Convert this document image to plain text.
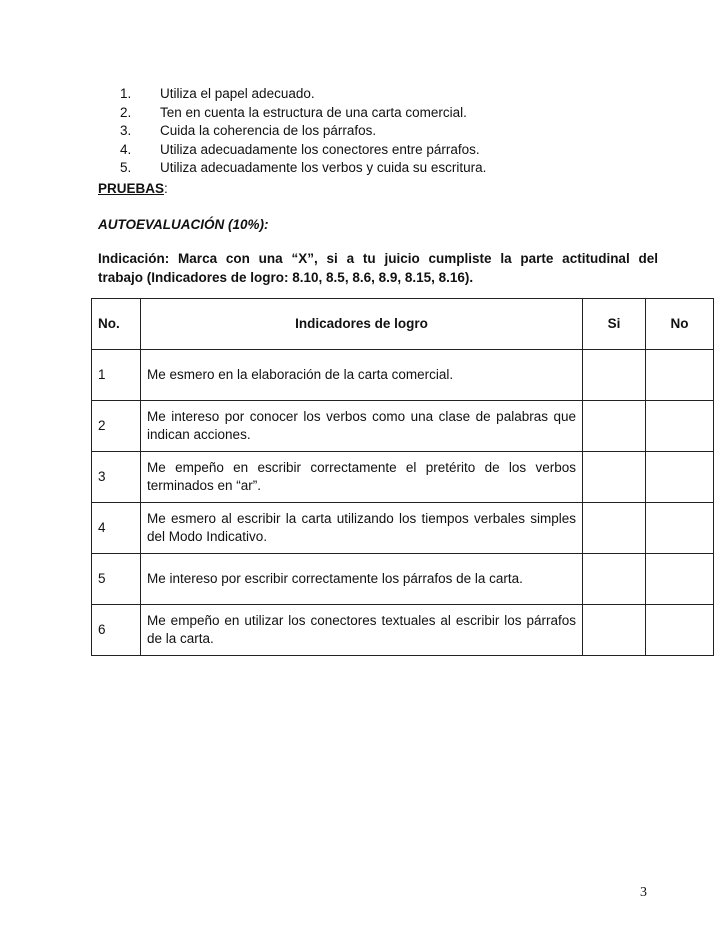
1. Utiliza el papel adecuado.
2. Ten en cuenta la estructura de una carta comercial.
3. Cuida la coherencia de los párrafos.
4. Utiliza adecuadamente los conectores entre párrafos.
5. Utiliza adecuadamente los verbos y cuida su escritura.
PRUEBAS:
AUTOEVALUACIÓN (10%):
Indicación: Marca con una “X”, si a tu juicio cumpliste la parte actitudinal del
trabajo (Indicadores de logro: 8.10, 8.5, 8.6, 8.9, 8.15, 8.16).
No.	Indicadores de logro	Si	No
1	Me esmero en la elaboración de la carta comercial.		
2	Me intereso por conocer los verbos como una clase de palabras que indican acciones.		
3	Me empeño en escribir correctamente el pretérito de los verbos terminados en “ar”.		
4	Me esmero al escribir la carta utilizando los tiempos verbales simples del Modo Indicativo.		
5	Me intereso por escribir correctamente los párrafos de la carta.		
6	Me empeño en utilizar los conectores textuales al escribir los párrafos de la carta.		
3
